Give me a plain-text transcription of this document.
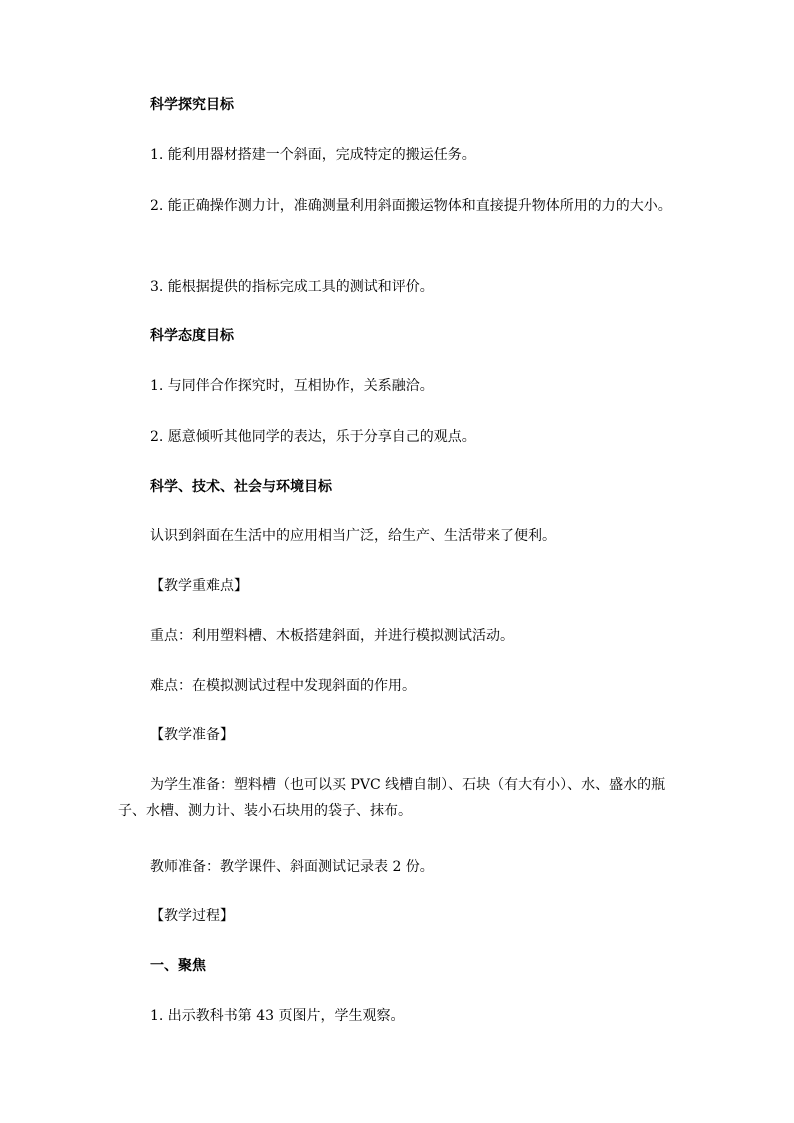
科学探究目标

1. 能利用器材搭建一个斜面，完成特定的搬运任务。

2. 能正确操作测力计，准确测量利用斜面搬运物体和直接提升物体所用的力的大小。

3. 能根据提供的指标完成工具的测试和评价。

科学态度目标

1. 与同伴合作探究时，互相协作，关系融洽。

2. 愿意倾听其他同学的表达，乐于分享自己的观点。

科学、技术、社会与环境目标

认识到斜面在生活中的应用相当广泛，给生产、生活带来了便利。

【教学重难点】

重点：利用塑料槽、木板搭建斜面，并进行模拟测试活动。

难点：在模拟测试过程中发现斜面的作用。

【教学准备】

为学生准备：塑料槽（也可以买 PVC 线槽自制）、石块（有大有小）、水、盛水的瓶子、水槽、测力计、装小石块用的袋子、抹布。

教师准备：教学课件、斜面测试记录表 2 份。

【教学过程】

一、聚焦

1. 出示教科书第 43 页图片，学生观察。
